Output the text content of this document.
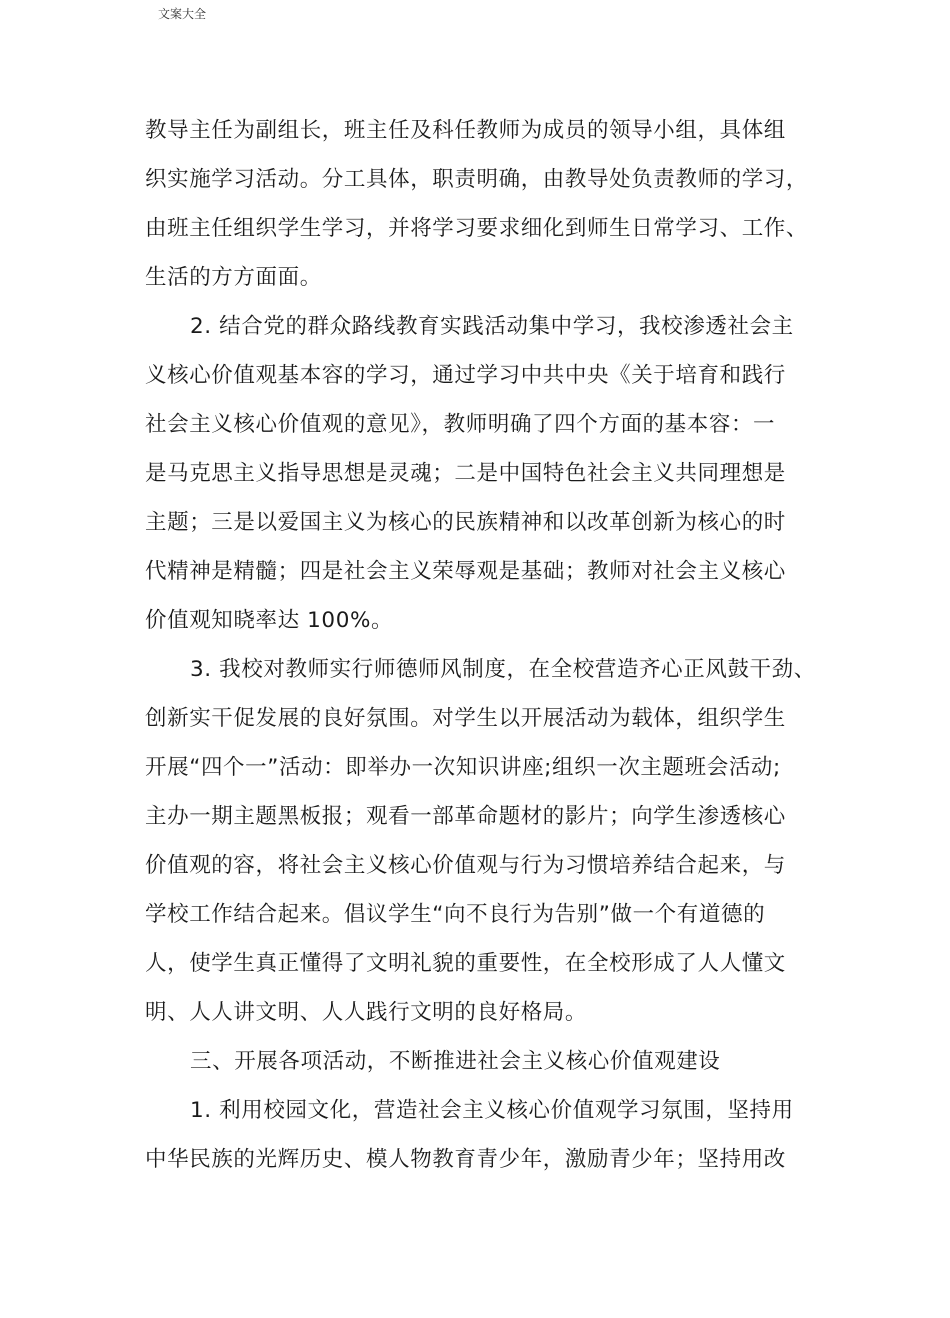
文案大全
教导主任为副组长，班主任及科任教师为成员的领导小组，具体组
织实施学习活动。分工具体，职责明确，由教导处负责教师的学习，
由班主任组织学生学习，并将学习要求细化到师生日常学习、工作、
生活的方方面面。
2. 结合党的群众路线教育实践活动集中学习，我校渗透社会主
义核心价值观基本容的学习，通过学习中共中央《关于培育和践行
社会主义核心价值观的意见》，教师明确了四个方面的基本容：一
是马克思主义指导思想是灵魂；二是中国特色社会主义共同理想是
主题；三是以爱国主义为核心的民族精神和以改革创新为核心的时
代精神是精髓；四是社会主义荣辱观是基础；教师对社会主义核心
价值观知晓率达 100%。
3. 我校对教师实行师德师风制度，在全校营造齐心正风鼓干劲、
创新实干促发展的良好氛围。对学生以开展活动为载体，组织学生
开展“四个一”活动：即举办一次知识讲座;组织一次主题班会活动;
主办一期主题黑板报；观看一部革命题材的影片；向学生渗透核心
价值观的容，将社会主义核心价值观与行为习惯培养结合起来，与
学校工作结合起来。倡议学生“向不良行为告别”做一个有道德的
人，使学生真正懂得了文明礼貌的重要性，在全校形成了人人懂文
明、人人讲文明、人人践行文明的良好格局。
三、开展各项活动，不断推进社会主义核心价值观建设
1. 利用校园文化，营造社会主义核心价值观学习氛围，坚持用
中华民族的光辉历史、模人物教育青少年，激励青少年；坚持用改
